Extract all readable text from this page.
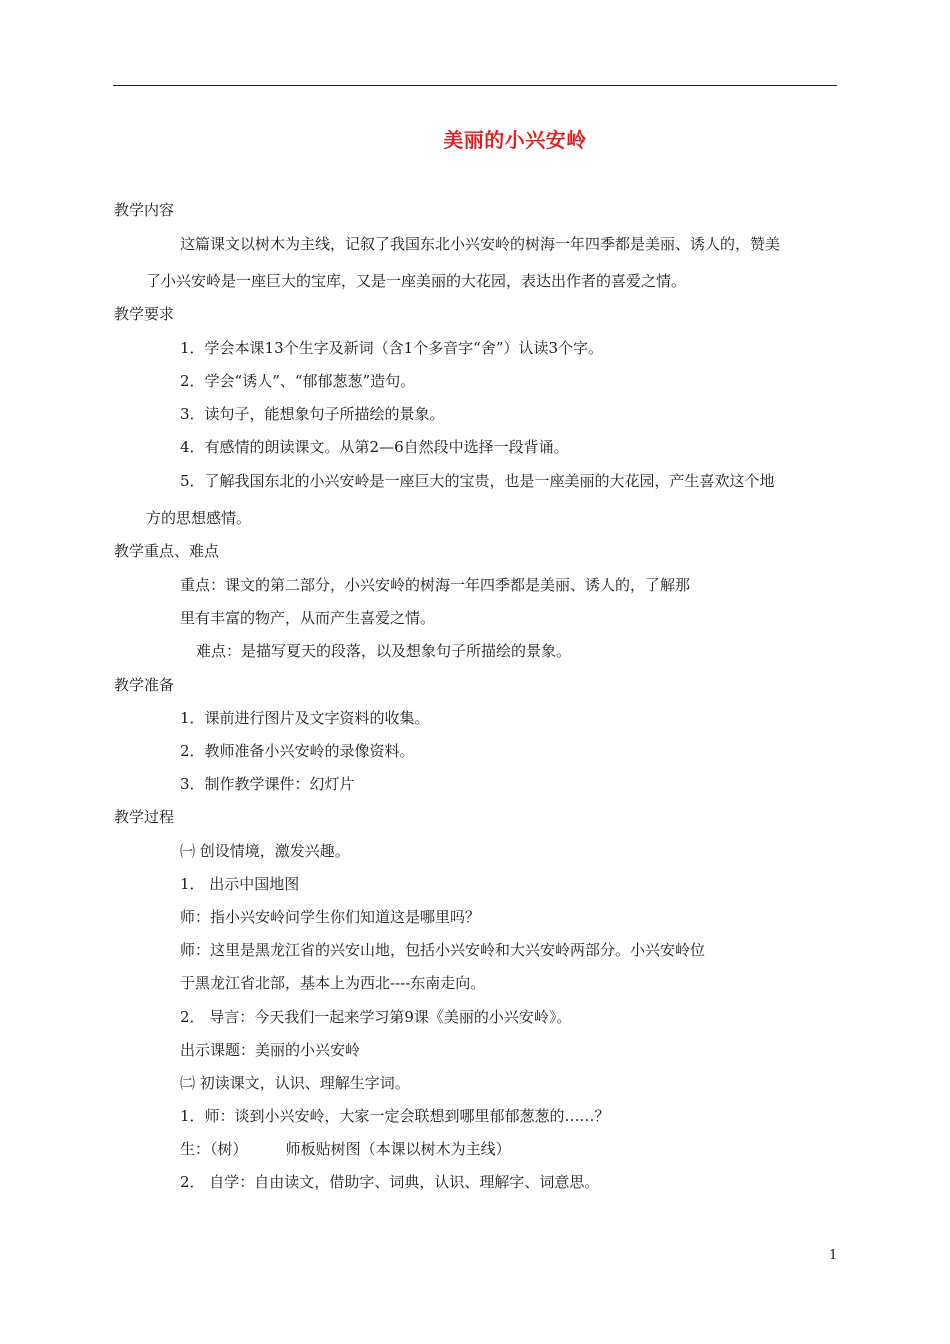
美丽的小兴安岭
教学内容
这篇课文以树木为主线，记叙了我国东北小兴安岭的树海一年四季都是美丽、诱人的，赞美
了小兴安岭是一座巨大的宝库，又是一座美丽的大花园，表达出作者的喜爱之情。
教学要求
1．学会本课13个生字及新词（含1个多音字“舍”）认读3个字。
2．学会“诱人”、“郁郁葱葱”造句。
3．读句子，能想象句子所描绘的景象。
4．有感情的朗读课文。从第2—6自然段中选择一段背诵。
5．了解我国东北的小兴安岭是一座巨大的宝贵，也是一座美丽的大花园，产生喜欢这个地
方的思想感情。
教学重点、难点
重点：课文的第二部分，小兴安岭的树海一年四季都是美丽、诱人的，了解那
里有丰富的物产，从而产生喜爱之情。
难点：是描写夏天的段落，以及想象句子所描绘的景象。
教学准备
1．课前进行图片及文字资料的收集。
2．教师准备小兴安岭的录像资料。
3．制作教学课件：幻灯片
教学过程
㈠ 创设情境，激发兴趣。
1． 出示中国地图
师：指小兴安岭问学生你们知道这是哪里吗？
师：这里是黑龙江省的兴安山地，包括小兴安岭和大兴安岭两部分。小兴安岭位
于黑龙江省北部，基本上为西北----东南走向。
2． 导言：今天我们一起来学习第9课《美丽的小兴安岭》。
出示课题：美丽的小兴安岭
㈡ 初读课文，认识、理解生字词。
1．师：谈到小兴安岭，大家一定会联想到哪里郁郁葱葱的……？
生：（树）        师板贴树图（本课以树木为主线）
2． 自学：自由读文，借助字、词典，认识、理解字、词意思。
1
